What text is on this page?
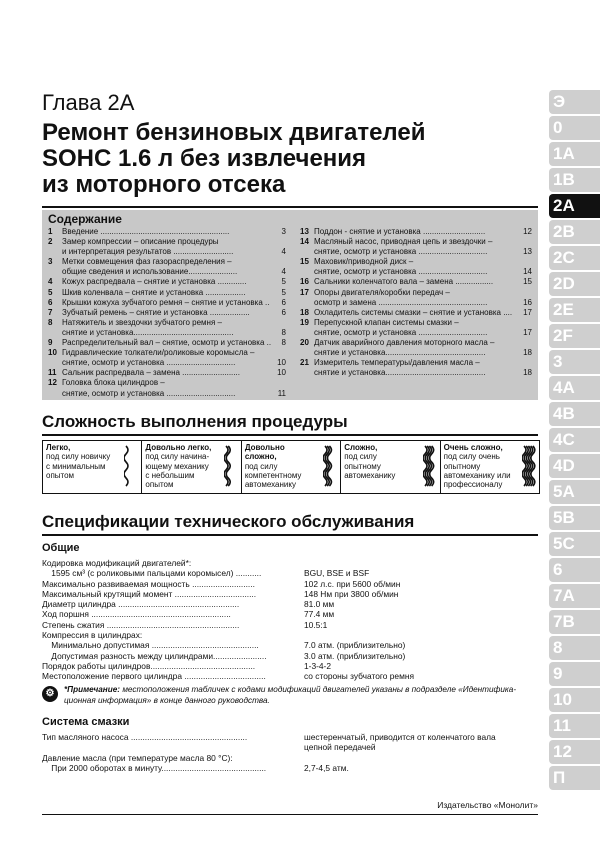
Глава 2А
Ремонт бензиновых двигателей
SOHC 1.6 л без извлечения
из моторного отсека
Содержание
1	Введение ..........................................................	3
2	Замер компрессии – описание процедуры
и интерпретация результатов ...........................	4
3	Метки совмещения фаз газораспределения –
общие сведения и использование......................	4
4	Кожух распредвала – снятие и установка .............	5
5	Шкив коленвала – снятие и установка ..................	5
6	Крышки кожуха зубчатого ремня – снятие и установка ..	6
7	Зубчатый ремень – снятие и установка ..................	6
8	Натяжитель и звездочки зубчатого ремня –
снятие и установка.............................................	8
9	Распределительный вал – снятие, осмотр и установка ..	8
10 Гидравлические толкатели/роликовые коромысла –
снятие, осмотр и установка ...............................	10
11 Сальник распредвала – замена ..........................	10
12 Головка блока цилиндров –
снятие, осмотр и установка ...............................	11
13 Поддон - снятие и установка ............................	12
14 Масляный насос, приводная цепь и звездочки –
снятие, осмотр и установка ...............................	13
15 Маховик/приводной диск –
снятие, осмотр и установка ...............................	14
16 Сальники коленчатого вала – замена .................	15
17 Опоры двигателя/коробки передач –
осмотр и замена .................................................	16
18 Охладитель системы смазки – снятие и установка ....	17
19 Перепускной клапан системы смазки –
снятие, осмотр и установка ...............................	17
20 Датчик аварийного давления моторного масла –
снятие и установка.............................................	18
21 Измеритель температуры/давления масла –
снятие и установка.............................................	18
Сложность выполнения процедуры
Легко,
под силу новичку
с минимальным
опытом
Довольно легко,
под силу начина-
ющему механику
с небольшим
опытом
Довольно
сложно,
под силу
компетентному
автомеханику
Сложно,
под силу
опытному
автомеханику
Очень сложно,
под силу очень
опытному
автомеханику или
профессионалу
Спецификации технического обслуживания
Общие
Кодировка модификаций двигателей*:
1595 см³ (с роликовыми пальцами коромысел) ...........	BGU, BSE и BSF
Максимально развиваемая мощность ...........................	102 л.с. при 5600 об/мин
Максимальный крутящий момент ...................................	148 Нм при 3800 об/мин
Диаметр цилиндра ....................................................	81.0 мм
Ход поршня ............................................................	77.4 мм
Степень сжатия .........................................................	10.5:1
Компрессия в цилиндрах:
Минимально допустимая ..............................................	7.0 атм. (приблизительно)
Допустимая разность между цилиндрами.......................	3.0 атм. (приблизительно)
Порядок работы цилиндров.............................................	1-3-4-2
Местоположение первого цилиндра ...................................	со стороны зубчатого ремня
⚙	*Примечание: местоположения табличек с кодами модификаций двигателей указаны в подразделе «Идентифика- ционная информация» в конце данного руководства.
Система смазки
Тип масляного насоса ..................................................	шестеренчатый, приводится от коленчатого вала
цепной передачей
Давление масла (при температуре масла 80 °С):
При 2000 оборотах в минуту.............................................	2,7-4,5 атм.
Издательство «Монолит»
Э
0
1А
1В
2А
2В
2С
2D
2E
2F
3
4А
4В
4С
4D
5А
5В
5С
6
7А
7В
8
9
10
11
12
П
